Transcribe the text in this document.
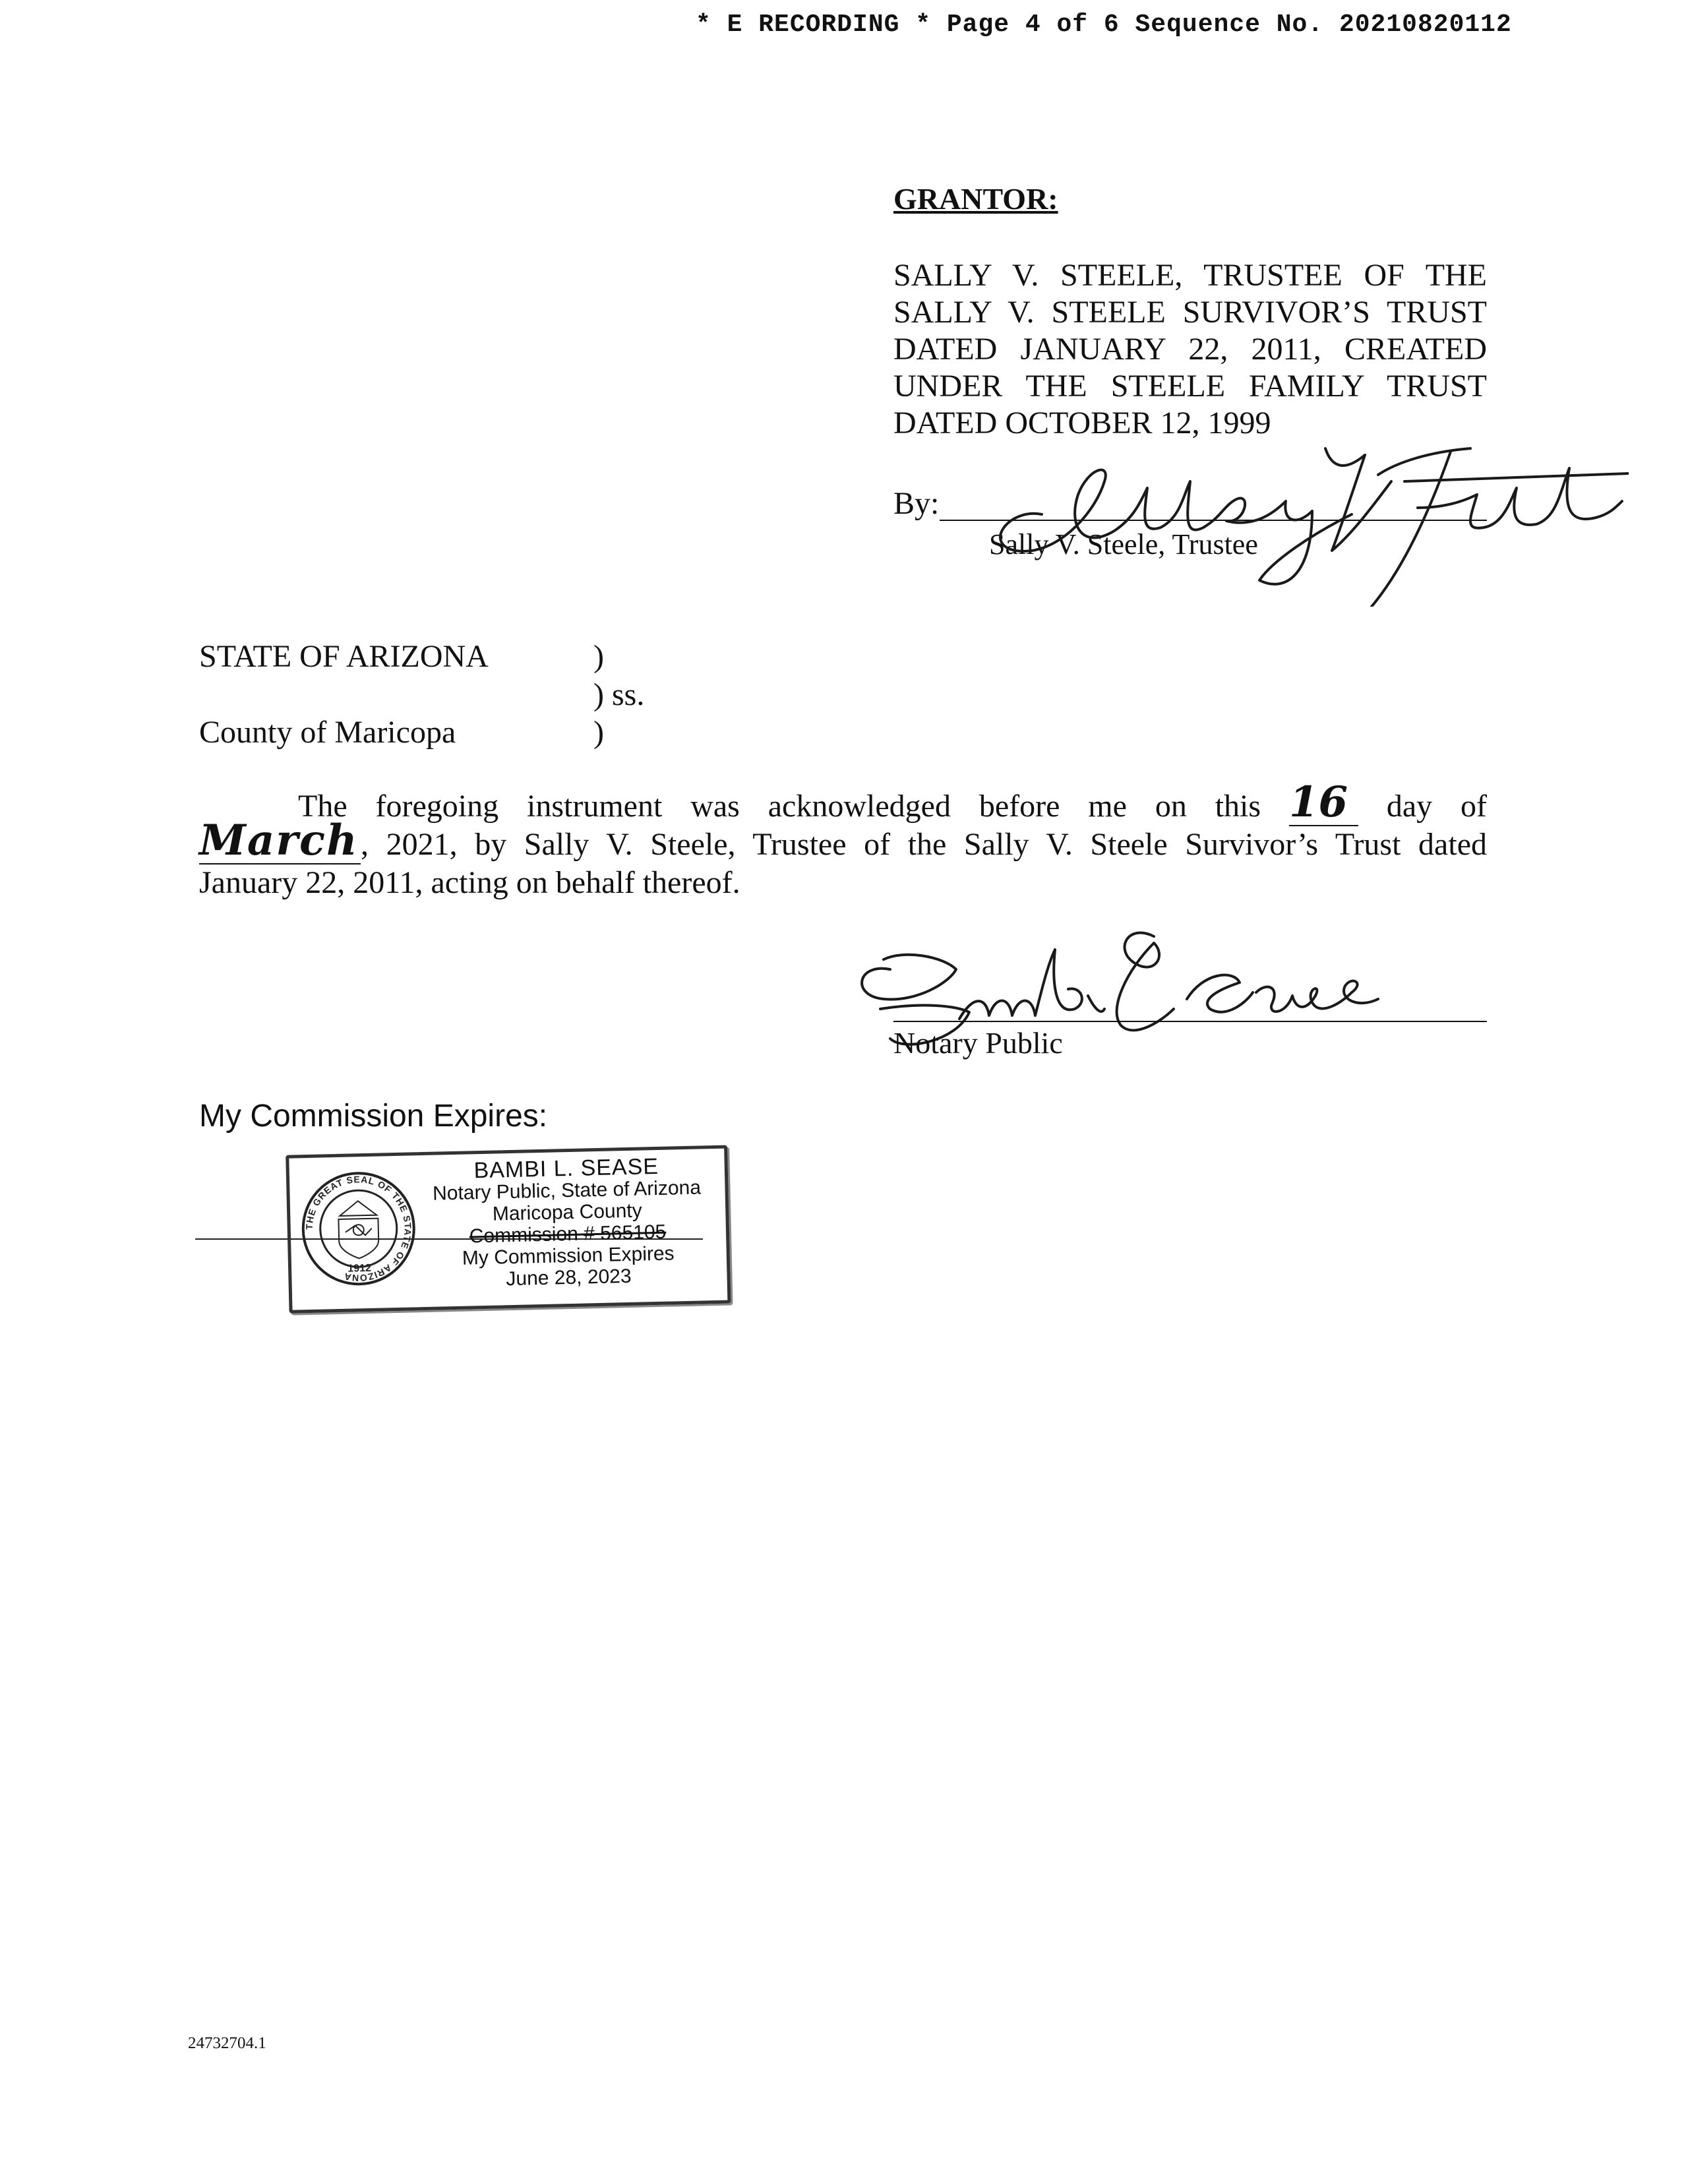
* E RECORDING * Page 4 of 6 Sequence No. 20210820112
GRANTOR:
SALLY V. STEELE, TRUSTEE OF THE
SALLY V. STEELE SURVIVOR’S TRUST
DATED JANUARY 22, 2011, CREATED
UNDER THE STEELE FAMILY TRUST
DATED OCTOBER 12, 1999
By:
Sally V. Steele, Trustee
STATE OF ARIZONA	)
) ss.
County of Maricopa	)
The foregoing instrument was acknowledged before me on this 16 day of
March, 2021, by Sally V. Steele, Trustee of the Sally V. Steele Survivor’s Trust dated
January 22, 2011, acting on behalf thereof.
Notary Public
My Commission Expires:
THE GREAT SEAL OF THE STATE OF ARIZONA
1912
BAMBI L. SEASE
Notary Public, State of Arizona
Maricopa County
Commission # 565105
My Commission Expires
June 28, 2023
24732704.1
